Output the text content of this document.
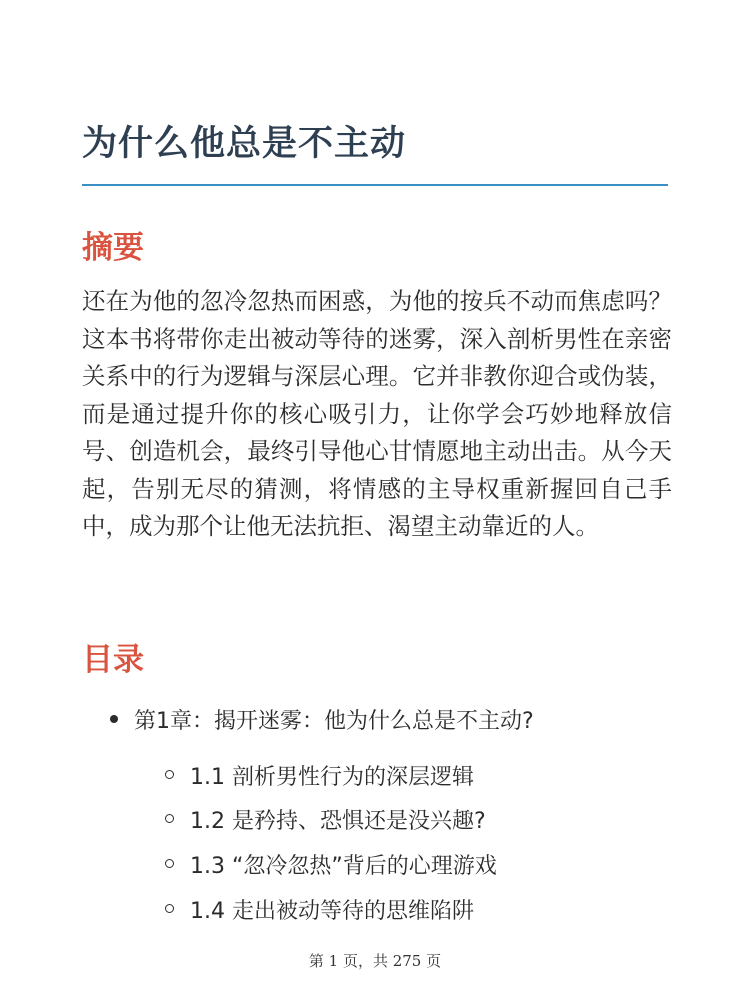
为什么他总是不主动
摘要

还在为他的忽冷忽热而困惑，为他的按兵不动而焦虑吗？这本书将带你走出被动等待的迷雾，深入剖析男性在亲密关系中的行为逻辑与深层心理。它并非教你迎合或伪装，而是通过提升你的核心吸引力，让你学会巧妙地释放信号、创造机会，最终引导他心甘情愿地主动出击。从今天起，告别无尽的猜测，将情感的主导权重新握回自己手中，成为那个让他无法抗拒、渴望主动靠近的人。

目录
第1章：揭开迷雾：他为什么总是不主动?
1.1 剖析男性行为的深层逻辑
1.2 是矜持、恐惧还是没兴趣?
1.3 “忽冷忽热”背后的心理游戏
1.4 走出被动等待的思维陷阱
第 1 页，共 275 页
